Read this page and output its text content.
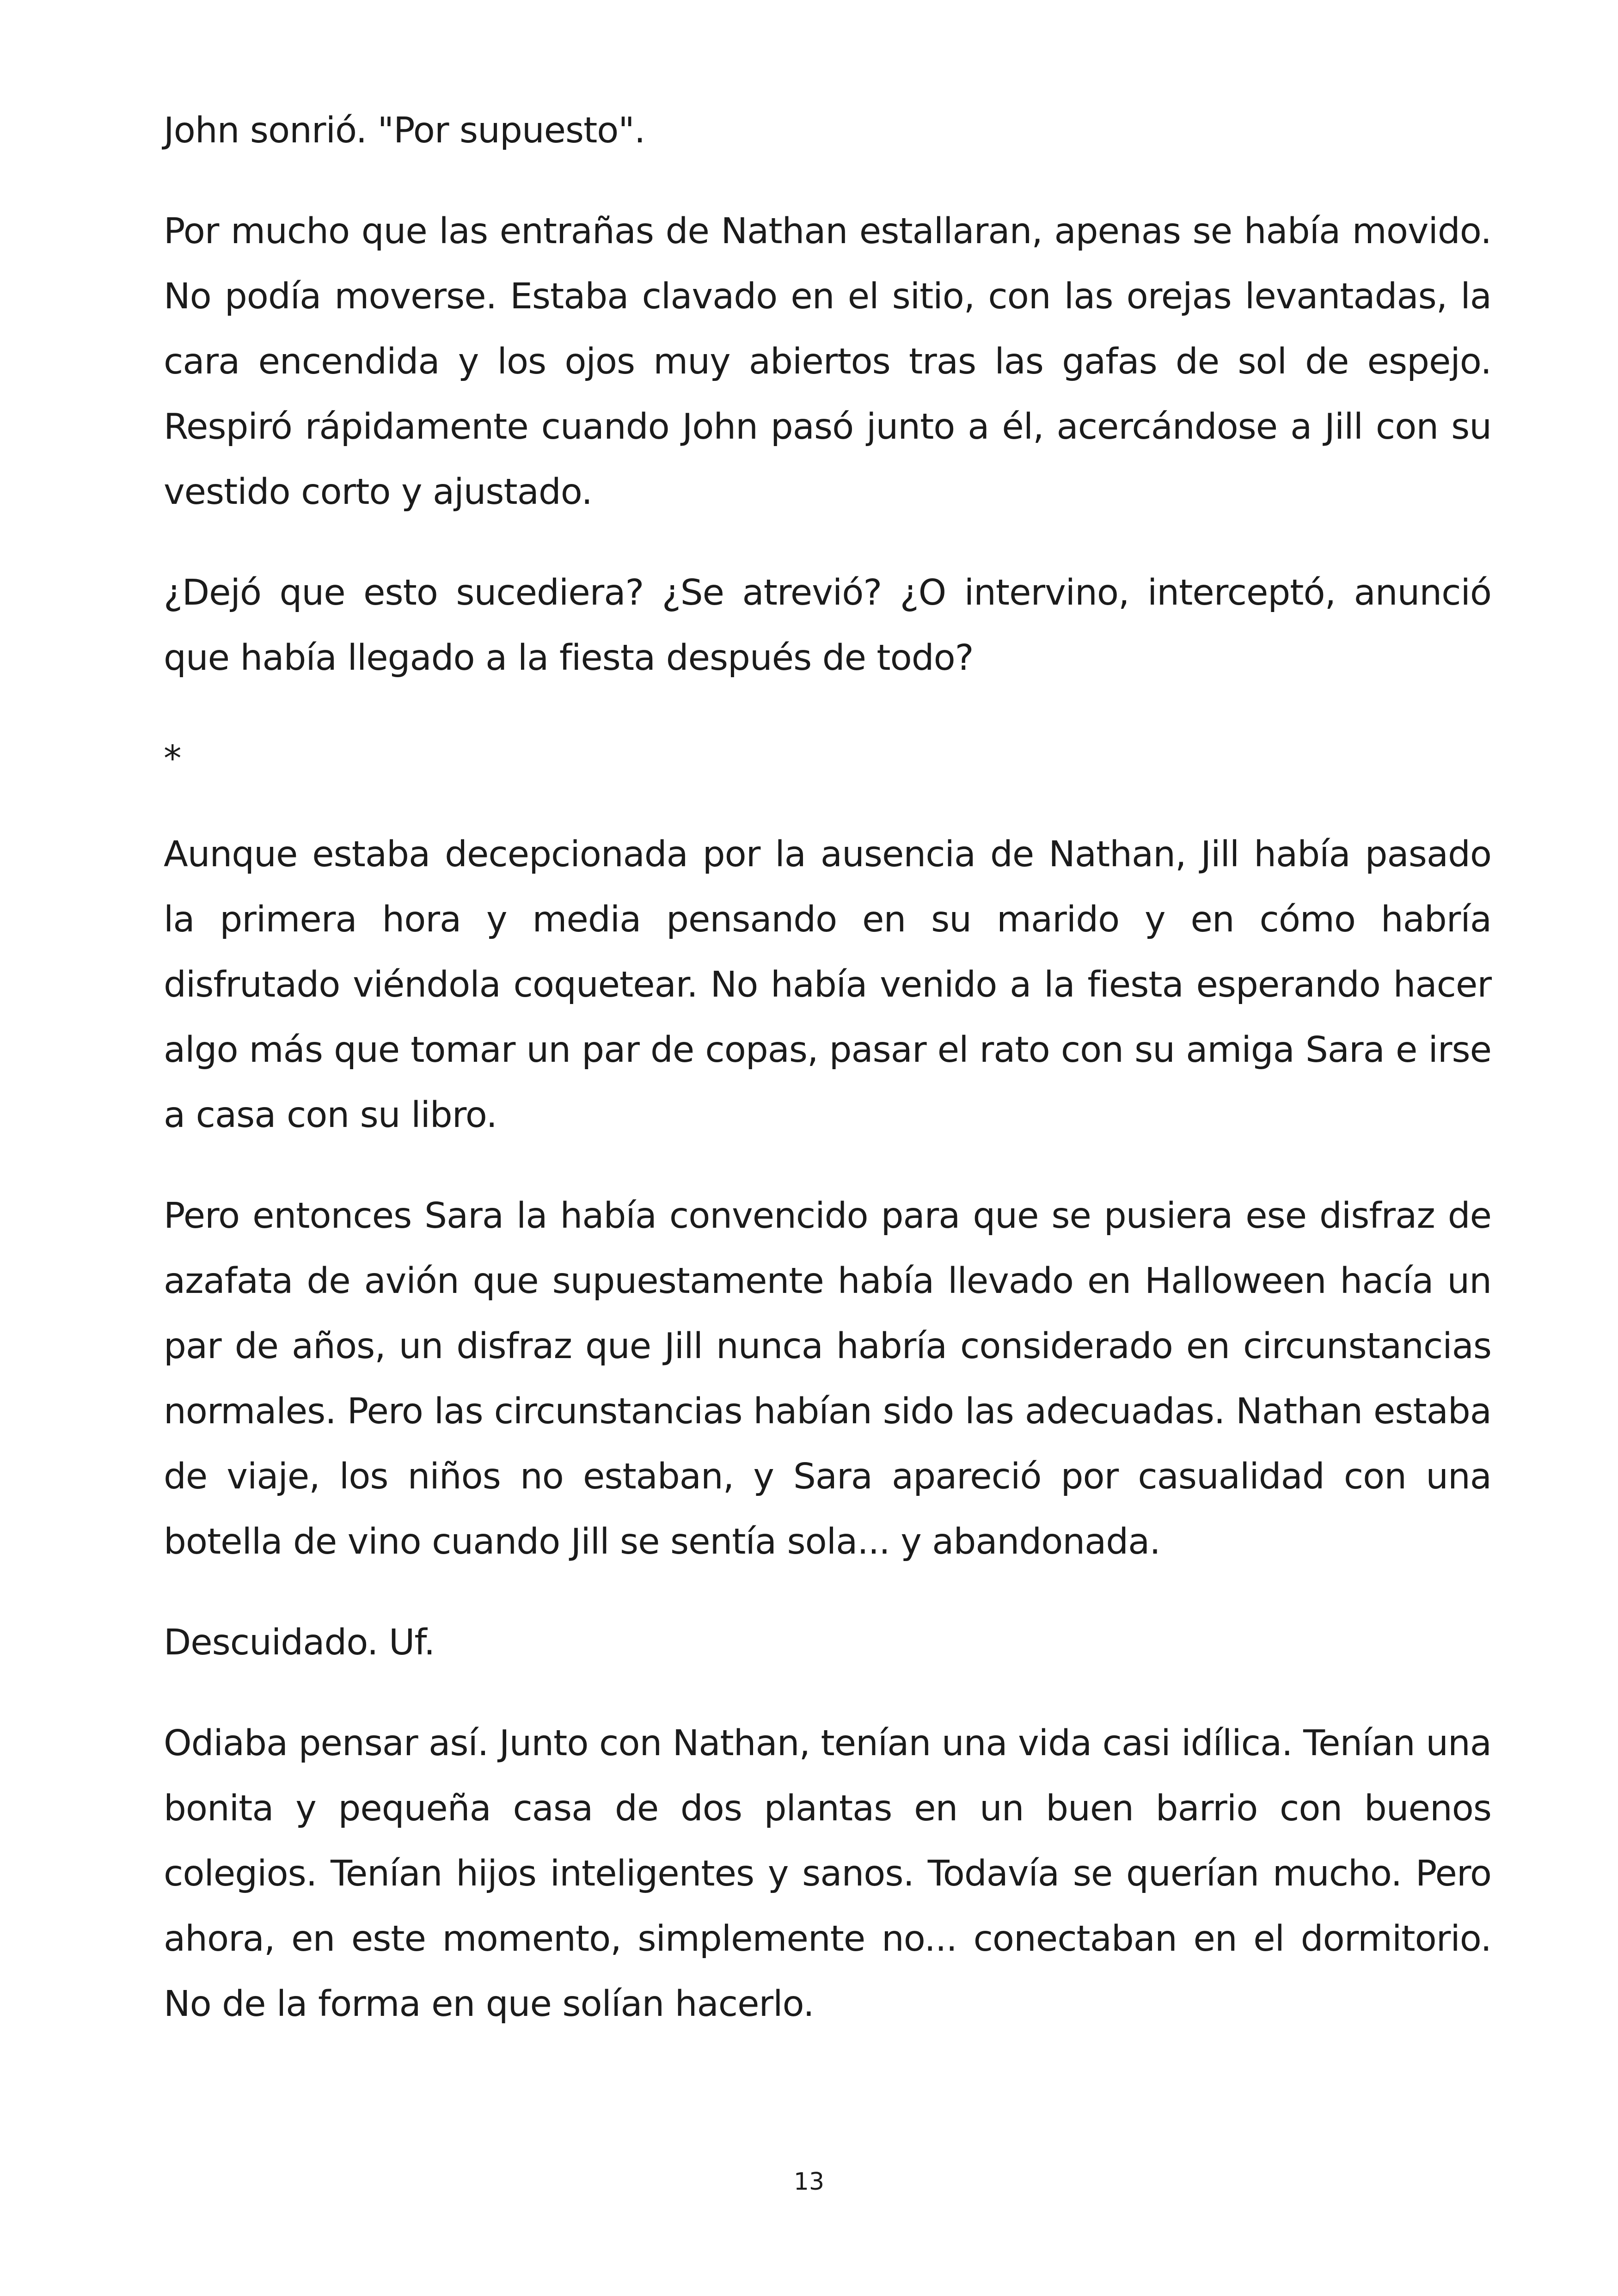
John sonrió. "Por supuesto".

Por mucho que las entrañas de Nathan estallaran, apenas se había movido. No podía moverse. Estaba clavado en el sitio, con las orejas levantadas, la cara encendida y los ojos muy abiertos tras las gafas de sol de espejo. Respiró rápidamente cuando John pasó junto a él, acercándose a Jill con su vestido corto y ajustado.

¿Dejó que esto sucediera? ¿Se atrevió? ¿O intervino, interceptó, anunció que había llegado a la fiesta después de todo?

*

Aunque estaba decepcionada por la ausencia de Nathan, Jill había pasado la primera hora y media pensando en su marido y en cómo habría disfrutado viéndola coquetear. No había venido a la fiesta esperando hacer algo más que tomar un par de copas, pasar el rato con su amiga Sara e irse a casa con su libro.

Pero entonces Sara la había convencido para que se pusiera ese disfraz de azafata de avión que supuestamente había llevado en Halloween hacía un par de años, un disfraz que Jill nunca habría considerado en circunstancias normales. Pero las circunstancias habían sido las adecuadas. Nathan estaba de viaje, los niños no estaban, y Sara apareció por casualidad con una botella de vino cuando Jill se sentía sola... y abandonada.

Descuidado. Uf.

Odiaba pensar así. Junto con Nathan, tenían una vida casi idílica. Tenían una bonita y pequeña casa de dos plantas en un buen barrio con buenos colegios. Tenían hijos inteligentes y sanos. Todavía se querían mucho. Pero ahora, en este momento, simplemente no... conectaban en el dormitorio. No de la forma en que solían hacerlo.

13
